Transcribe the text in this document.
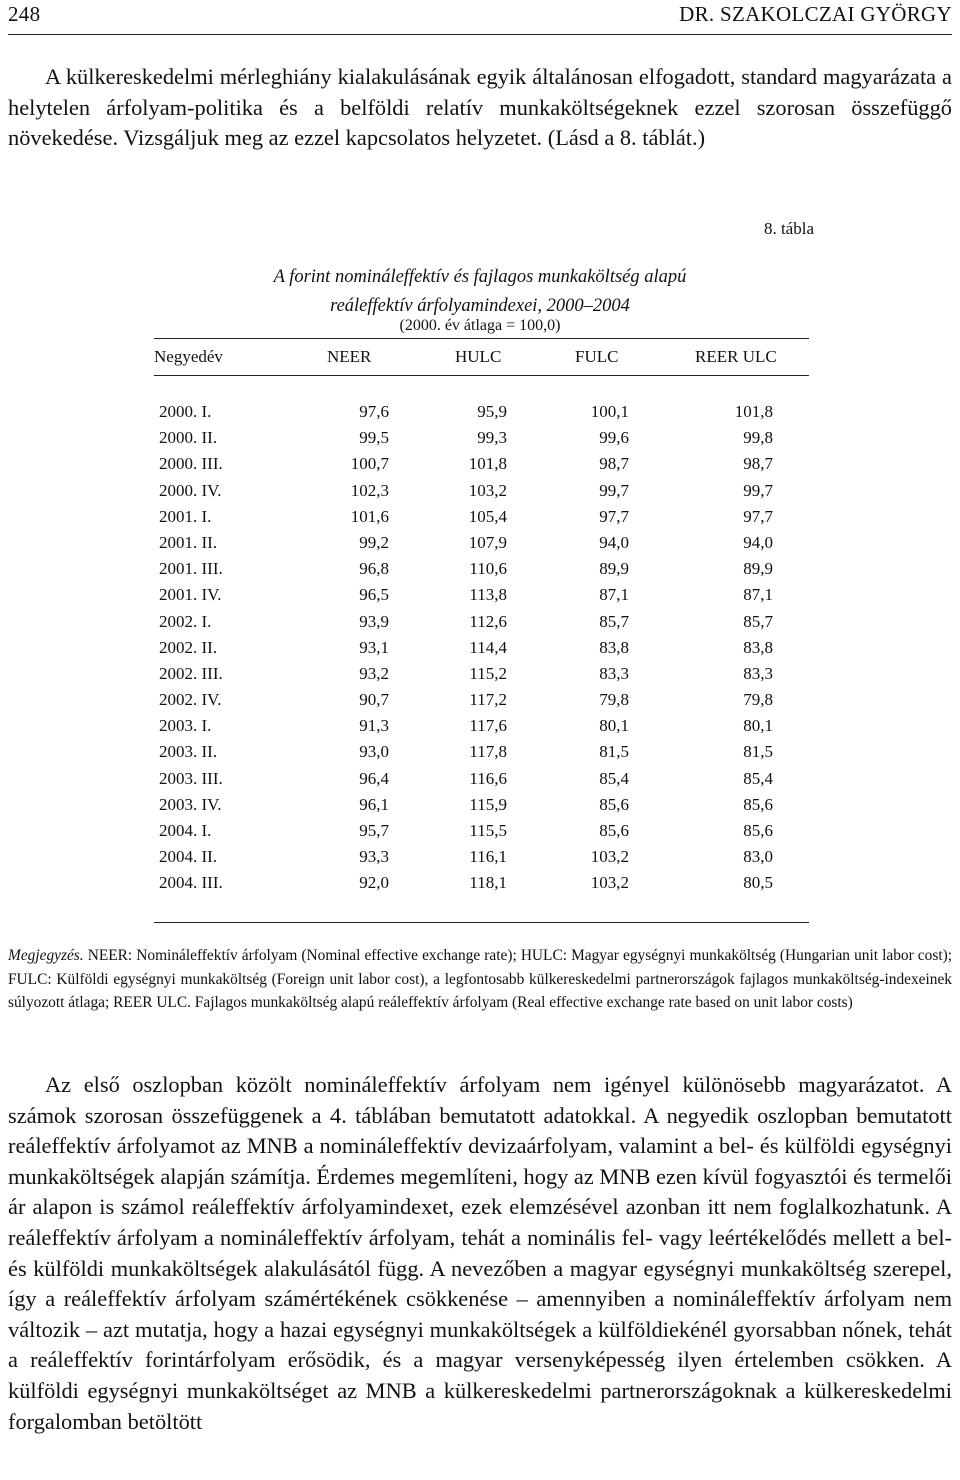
248	DR. SZAKOLCZAI GYÖRGY

A külkereskedelmi mérleghiány kialakulásának egyik általánosan elfogadott, standard magyarázata a helytelen árfolyam-politika és a belföldi relatív munkaköltségeknek ezzel szorosan összefüggő növekedése. Vizsgáljuk meg az ezzel kapcsolatos helyzetet. (Lásd a 8. táblát.)

8. tábla
A forint nomináleffektív és fajlagos munkaköltség alapú
reáleffektív árfolyamindexei, 2000–2004
(2000. év átlaga = 100,0)
Negyedév	NEER	HULC	FULC	REER ULC
2000. I.	97,6	95,9	100,1	101,8
2000. II.	99,5	99,3	99,6	99,8
2000. III.	100,7	101,8	98,7	98,7
2000. IV.	102,3	103,2	99,7	99,7
2001. I.	101,6	105,4	97,7	97,7
2001. II.	99,2	107,9	94,0	94,0
2001. III.	96,8	110,6	89,9	89,9
2001. IV.	96,5	113,8	87,1	87,1
2002. I.	93,9	112,6	85,7	85,7
2002. II.	93,1	114,4	83,8	83,8
2002. III.	93,2	115,2	83,3	83,3
2002. IV.	90,7	117,2	79,8	79,8
2003. I.	91,3	117,6	80,1	80,1
2003. II.	93,0	117,8	81,5	81,5
2003. III.	96,4	116,6	85,4	85,4
2003. IV.	96,1	115,9	85,6	85,6
2004. I.	95,7	115,5	85,6	85,6
2004. II.	93,3	116,1	103,2	83,0
2004. III.	92,0	118,1	103,2	80,5

Megjegyzés. NEER: Nomináleffektív árfolyam (Nominal effective exchange rate); HULC: Magyar egységnyi munkaköltség (Hungarian unit labor cost); FULC: Külföldi egységnyi munkaköltség (Foreign unit labor cost), a legfontosabb külkereskedelmi partnerországok fajlagos munkaköltség-indexeinek súlyozott átlaga; REER ULC. Fajlagos munkaköltség alapú reáleffektív árfolyam (Real effective exchange rate based on unit labor costs)

Az első oszlopban közölt nomináleffektív árfolyam nem igényel különösebb magyarázatot. A számok szorosan összefüggenek a 4. táblában bemutatott adatokkal. A negyedik oszlopban bemutatott reáleffektív árfolyamot az MNB a nomináleffektív devizaárfolyam, valamint a bel- és külföldi egységnyi munkaköltségek alapján számítja. Érdemes megemlíteni, hogy az MNB ezen kívül fogyasztói és termelői ár alapon is számol reáleffektív árfolyamindexet, ezek elemzésével azonban itt nem foglalkozhatunk. A reáleffektív árfolyam a nomináleffektív árfolyam, tehát a nominális fel- vagy leértékelődés mellett a bel- és külföldi munkaköltségek alakulásától függ. A nevezőben a magyar egységnyi munkaköltség szerepel, így a reáleffektív árfolyam számértékének csökkenése – amennyiben a nomináleffektív árfolyam nem változik – azt mutatja, hogy a hazai egységnyi munkaköltségek a külföldiekénél gyorsabban nőnek, tehát a reáleffektív forintárfolyam erősödik, és a magyar versenyképesség ilyen értelemben csökken. A külföldi egységnyi munkaköltséget az MNB a külkereskedelmi partnerországoknak a külkereskedelmi forgalomban betöltött
